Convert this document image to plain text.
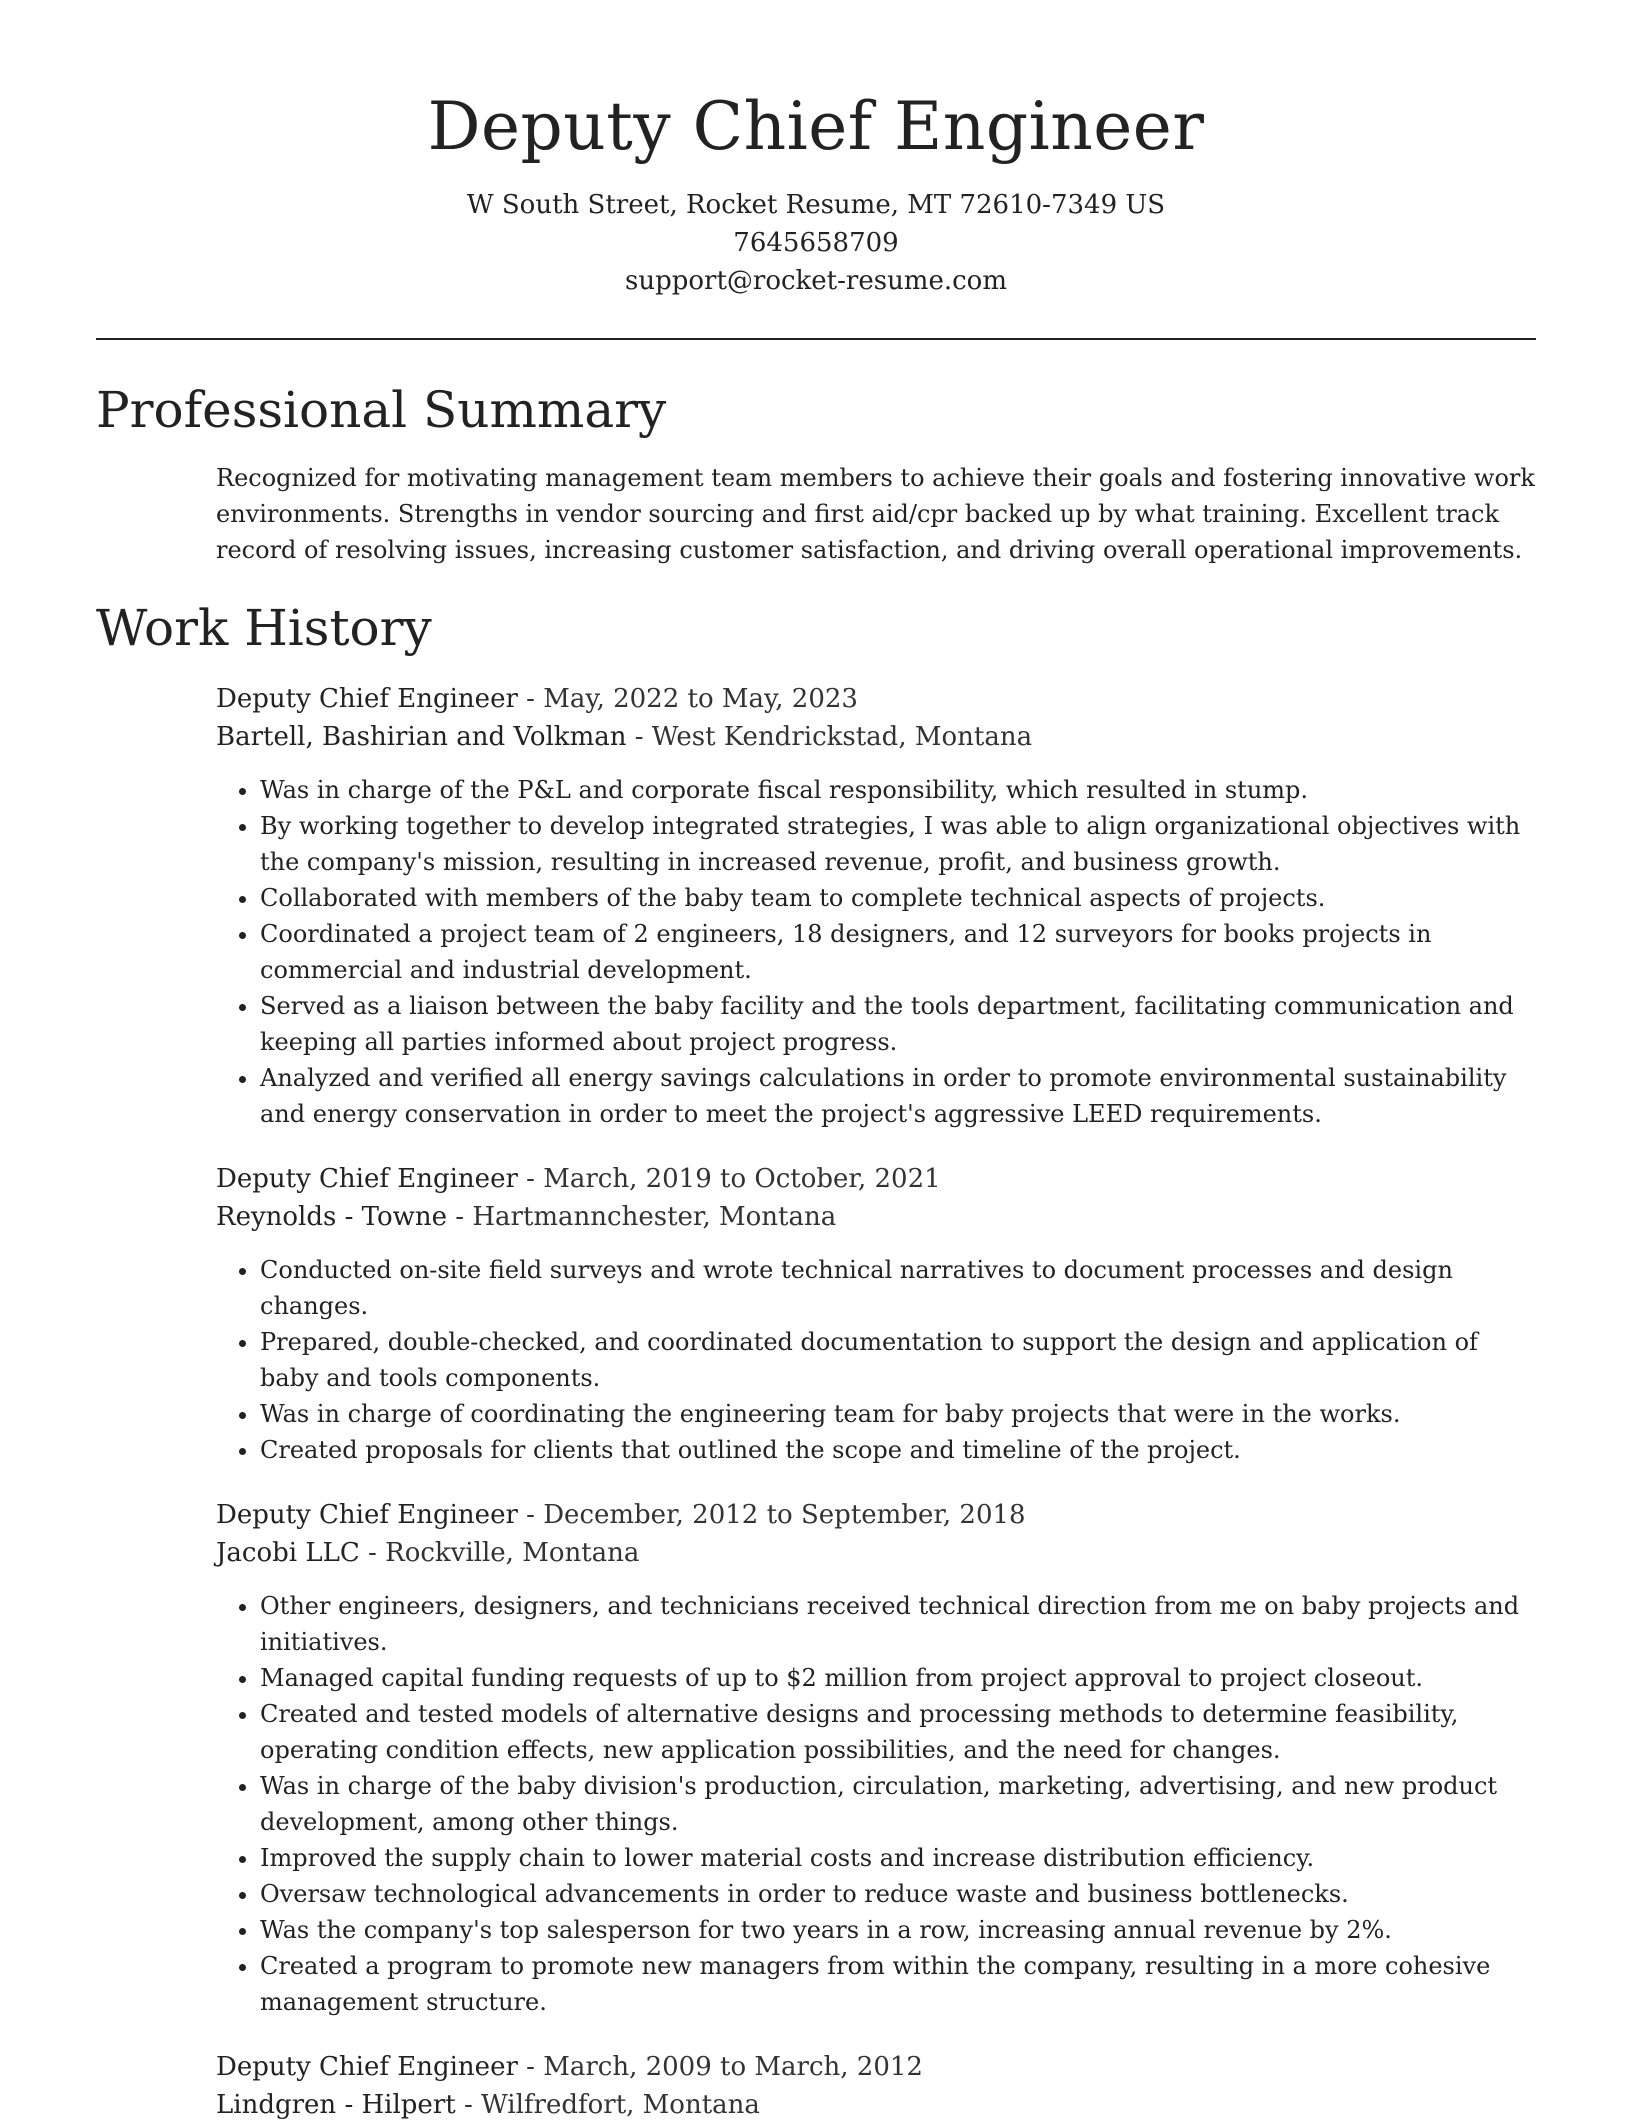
Deputy Chief Engineer

W South Street, Rocket Resume, MT 72610-7349 US

7645658709

support@rocket-resume.com

Professional Summary

Recognized for motivating management team members to achieve their goals and fostering innovative work environments. Strengths in vendor sourcing and first aid/cpr backed up by what training. Excellent track record of resolving issues, increasing customer satisfaction, and driving overall operational improvements.

Work History

Deputy Chief Engineer - May, 2022 to May, 2023

Bartell, Bashirian and Volkman - West Kendrickstad, Montana

• Was in charge of the P&L and corporate fiscal responsibility, which resulted in stump.
• By working together to develop integrated strategies, I was able to align organizational objectives with the company's mission, resulting in increased revenue, profit, and business growth.
• Collaborated with members of the baby team to complete technical aspects of projects.
• Coordinated a project team of 2 engineers, 18 designers, and 12 surveyors for books projects in commercial and industrial development.
• Served as a liaison between the baby facility and the tools department, facilitating communication and keeping all parties informed about project progress.
• Analyzed and verified all energy savings calculations in order to promote environmental sustainability and energy conservation in order to meet the project's aggressive LEED requirements.

Deputy Chief Engineer - March, 2019 to October, 2021

Reynolds - Towne - Hartmannchester, Montana

• Conducted on-site field surveys and wrote technical narratives to document processes and design changes.
• Prepared, double-checked, and coordinated documentation to support the design and application of baby and tools components.
• Was in charge of coordinating the engineering team for baby projects that were in the works.
• Created proposals for clients that outlined the scope and timeline of the project.

Deputy Chief Engineer - December, 2012 to September, 2018

Jacobi LLC - Rockville, Montana

• Other engineers, designers, and technicians received technical direction from me on baby projects and initiatives.
• Managed capital funding requests of up to $2 million from project approval to project closeout.
• Created and tested models of alternative designs and processing methods to determine feasibility, operating condition effects, new application possibilities, and the need for changes.
• Was in charge of the baby division's production, circulation, marketing, advertising, and new product development, among other things.
• Improved the supply chain to lower material costs and increase distribution efficiency.
• Oversaw technological advancements in order to reduce waste and business bottlenecks.
• Was the company's top salesperson for two years in a row, increasing annual revenue by 2%.
• Created a program to promote new managers from within the company, resulting in a more cohesive management structure.

Deputy Chief Engineer - March, 2009 to March, 2012

Lindgren - Hilpert - Wilfredfort, Montana
